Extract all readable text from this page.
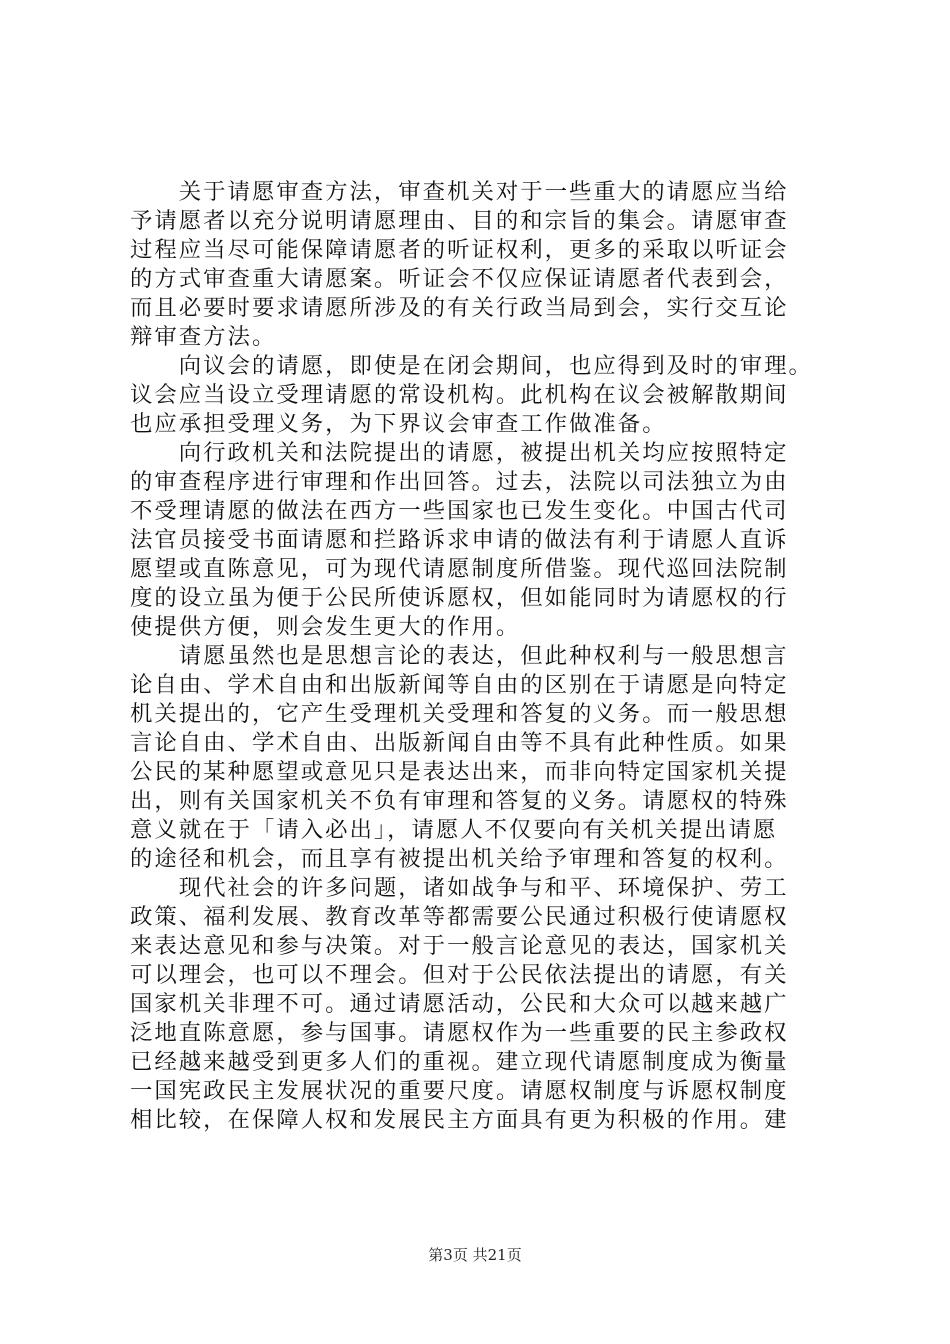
　　关于请愿审查方法，审查机关对于一些重大的请愿应当给
予请愿者以充分说明请愿理由、目的和宗旨的集会。请愿审查
过程应当尽可能保障请愿者的听证权利，更多的采取以听证会
的方式审查重大请愿案。听证会不仅应保证请愿者代表到会，
而且必要时要求请愿所涉及的有关行政当局到会，实行交互论
辩审查方法。
　　向议会的请愿，即使是在闭会期间，也应得到及时的审理。
议会应当设立受理请愿的常设机构。此机构在议会被解散期间
也应承担受理义务，为下界议会审查工作做准备。
　　向行政机关和法院提出的请愿，被提出机关均应按照特定
的审查程序进行审理和作出回答。过去，法院以司法独立为由
不受理请愿的做法在西方一些国家也已发生变化。中国古代司
法官员接受书面请愿和拦路诉求申请的做法有利于请愿人直诉
愿望或直陈意见，可为现代请愿制度所借鉴。现代巡回法院制
度的设立虽为便于公民所使诉愿权，但如能同时为请愿权的行
使提供方便，则会发生更大的作用。
　　请愿虽然也是思想言论的表达，但此种权利与一般思想言
论自由、学术自由和出版新闻等自由的区别在于请愿是向特定
机关提出的，它产生受理机关受理和答复的义务。而一般思想
言论自由、学术自由、出版新闻自由等不具有此种性质。如果
公民的某种愿望或意见只是表达出来，而非向特定国家机关提
出，则有关国家机关不负有审理和答复的义务。请愿权的特殊
意义就在于「请入必出」，请愿人不仅要向有关机关提出请愿
的途径和机会，而且享有被提出机关给予审理和答复的权利。
　　现代社会的许多问题，诸如战争与和平、环境保护、劳工
政策、福利发展、教育改革等都需要公民通过积极行使请愿权
来表达意见和参与决策。对于一般言论意见的表达，国家机关
可以理会，也可以不理会。但对于公民依法提出的请愿，有关
国家机关非理不可。通过请愿活动，公民和大众可以越来越广
泛地直陈意愿，参与国事。请愿权作为一些重要的民主参政权
已经越来越受到更多人们的重视。建立现代请愿制度成为衡量
一国宪政民主发展状况的重要尺度。请愿权制度与诉愿权制度
相比较，在保障人权和发展民主方面具有更为积极的作用。建
第3页 共21页
